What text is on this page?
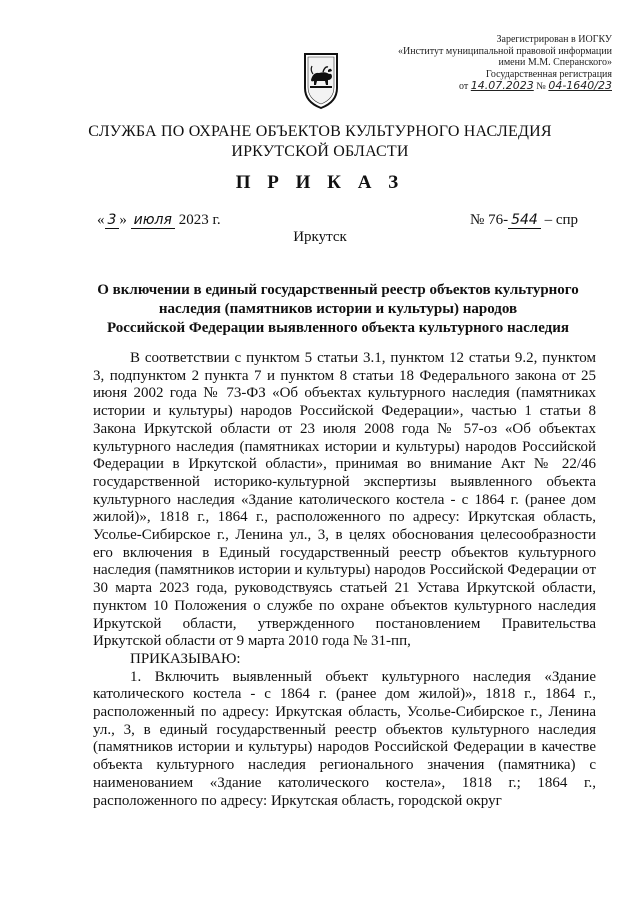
Зарегистрирован в ИОГКУ
«Институт муниципальной правовой информации
имени М.М. Сперанского»
Государственная регистрация
от 14.07.2023 № 04-1640/23
СЛУЖБА ПО ОХРАНЕ ОБЪЕКТОВ КУЛЬТУРНОГО НАСЛЕДИЯ
ИРКУТСКОЙ ОБЛАСТИ
П Р И К А З
« 3 » июля 2023 г.	№ 76- 544 – спр
Иркутск
О включении в единый государственный реестр объектов культурного
наследия (памятников истории и культуры) народов
Российской Федерации выявленного объекта культурного наследия

В соответствии с пунктом 5 статьи 3.1, пунктом 12 статьи 9.2, пунктом 3, подпунктом 2 пункта 7 и пунктом 8 статьи 18 Федерального закона от 25 июня 2002 года № 73-ФЗ «Об объектах культурного наследия (памятниках истории и культуры) народов Российской Федерации», частью 1 статьи 8 Закона Иркутской области от 23 июля 2008 года № 57-оз «Об объектах культурного наследия (памятниках истории и культуры) народов Российской Федерации в Иркутской области», принимая во внимание Акт № 22/46 государственной историко-культурной экспертизы выявленного объекта культурного наследия «Здание католического костела - с 1864 г. (ранее дом жилой)», 1818 г., 1864 г., расположенного по адресу: Иркутская область, Усолье-Сибирское г., Ленина ул., 3, в целях обоснования целесообразности его включения в Единый государственный реестр объектов культурного наследия (памятников истории и культуры) народов Российской Федерации от 30 марта 2023 года, руководствуясь статьей 21 Устава Иркутской области, пунктом 10 Положения о службе по охране объектов культурного наследия Иркутской области, утвержденного постановлением Правительства Иркутской области от 9 марта 2010 года № 31-пп,

ПРИКАЗЫВАЮ:

1. Включить выявленный объект культурного наследия «Здание католического костела - с 1864 г. (ранее дом жилой)», 1818 г., 1864 г., расположенный по адресу: Иркутская область, Усолье-Сибирское г., Ленина ул., 3, в единый государственный реестр объектов культурного наследия (памятников истории и культуры) народов Российской Федерации в качестве объекта культурного наследия регионального значения (памятника) с наименованием «Здание католического костела», 1818 г.; 1864 г., расположенного по адресу: Иркутская область, городской округ
